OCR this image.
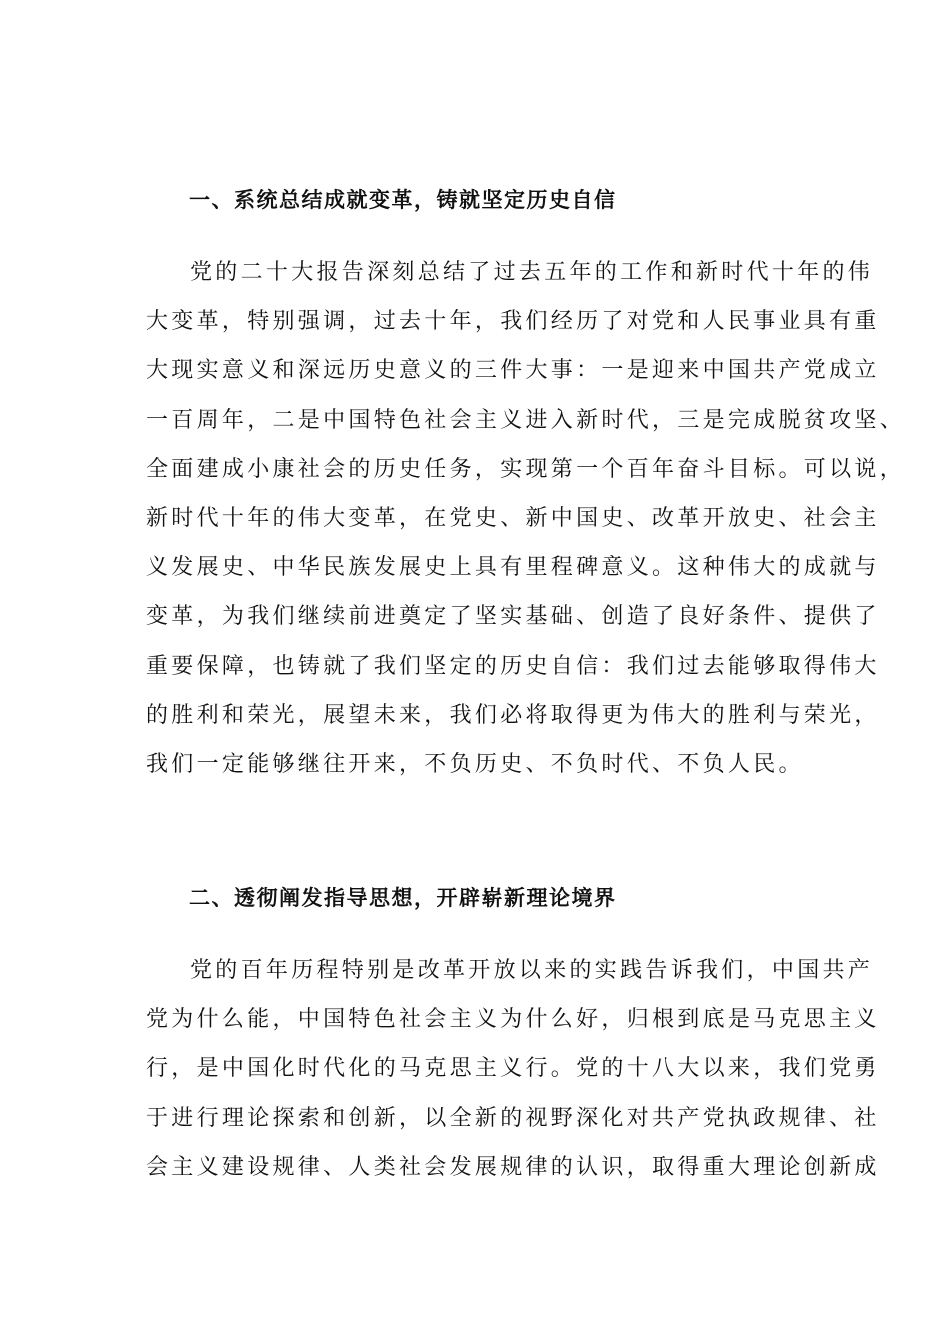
一、系统总结成就变革，铸就坚定历史自信
党的二十大报告深刻总结了过去五年的工作和新时代十年的伟
大变革，特别强调，过去十年，我们经历了对党和人民事业具有重
大现实意义和深远历史意义的三件大事：一是迎来中国共产党成立
一百周年，二是中国特色社会主义进入新时代，三是完成脱贫攻坚、
全面建成小康社会的历史任务，实现第一个百年奋斗目标。可以说，
新时代十年的伟大变革，在党史、新中国史、改革开放史、社会主
义发展史、中华民族发展史上具有里程碑意义。这种伟大的成就与
变革，为我们继续前进奠定了坚实基础、创造了良好条件、提供了
重要保障，也铸就了我们坚定的历史自信：我们过去能够取得伟大
的胜利和荣光，展望未来，我们必将取得更为伟大的胜利与荣光，
我们一定能够继往开来，不负历史、不负时代、不负人民。
二、透彻阐发指导思想，开辟崭新理论境界
党的百年历程特别是改革开放以来的实践告诉我们，中国共产
党为什么能，中国特色社会主义为什么好，归根到底是马克思主义
行，是中国化时代化的马克思主义行。党的十八大以来，我们党勇
于进行理论探索和创新，以全新的视野深化对共产党执政规律、社
会主义建设规律、人类社会发展规律的认识，取得重大理论创新成
